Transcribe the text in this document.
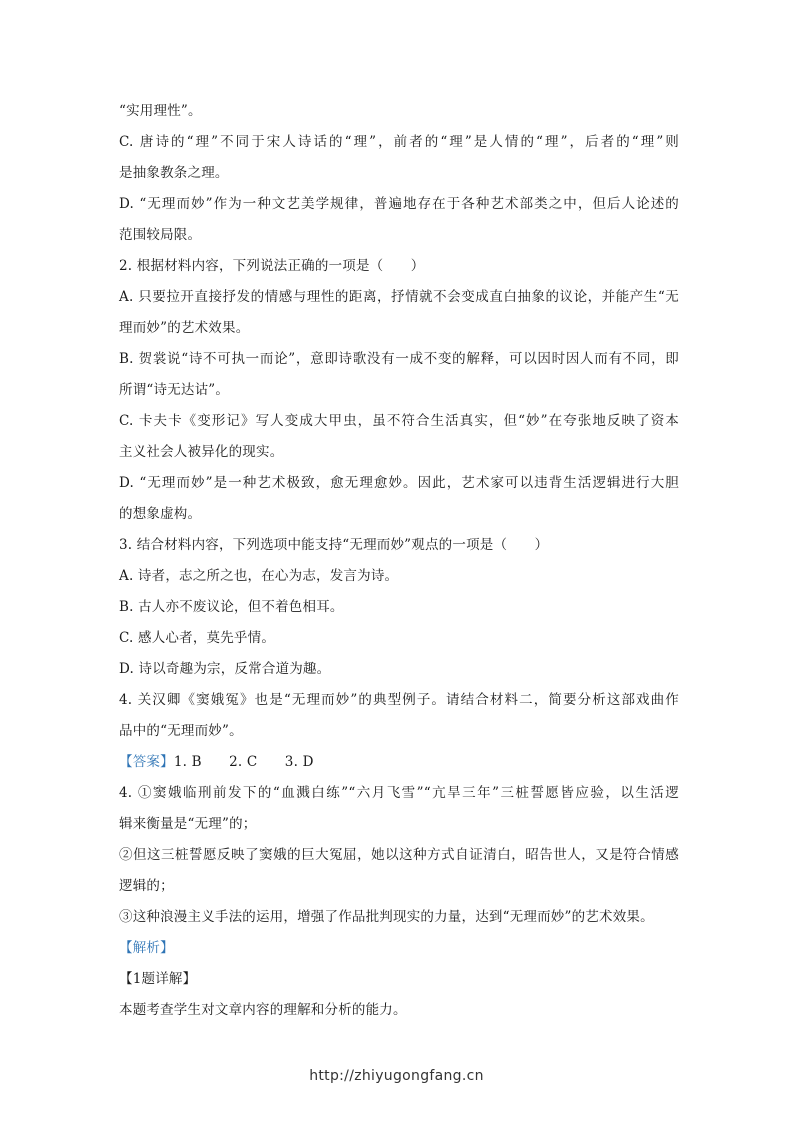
“实用理性”。
C. 唐诗的“理”不同于宋人诗话的“理”，前者的“理”是人情的“理”，后者的“理”则
是抽象教条之理。
D. “无理而妙”作为一种文艺美学规律，普遍地存在于各种艺术部类之中，但后人论述的
范围较局限。
2. 根据材料内容，下列说法正确的一项是（　　）
A. 只要拉开直接抒发的情感与理性的距离，抒情就不会变成直白抽象的议论，并能产生“无
理而妙”的艺术效果。
B. 贺裳说“诗不可执一而论”，意即诗歌没有一成不变的解释，可以因时因人而有不同，即
所谓“诗无达诂”。
C. 卡夫卡《变形记》写人变成大甲虫，虽不符合生活真实，但“妙”在夸张地反映了资本
主义社会人被异化的现实。
D. “无理而妙”是一种艺术极致，愈无理愈妙。因此，艺术家可以违背生活逻辑进行大胆
的想象虚构。
3. 结合材料内容，下列选项中能支持“无理而妙”观点的一项是（　　）
A. 诗者，志之所之也，在心为志，发言为诗。
B. 古人亦不废议论，但不着色相耳。
C. 感人心者，莫先乎情。
D. 诗以奇趣为宗，反常合道为趣。
4. 关汉卿《窦娥冤》也是“无理而妙”的典型例子。请结合材料二，简要分析这部戏曲作
品中的“无理而妙”。
【答案】1. B　　2. C　　3. D
4. ①窦娥临刑前发下的“血溅白练”“六月飞雪”“亢旱三年”三桩誓愿皆应验，以生活逻
辑来衡量是“无理”的；
②但这三桩誓愿反映了窦娥的巨大冤屈，她以这种方式自证清白，昭告世人，又是符合情感
逻辑的；
③这种浪漫主义手法的运用，增强了作品批判现实的力量，达到“无理而妙”的艺术效果。
【解析】
【1题详解】
本题考查学生对文章内容的理解和分析的能力。
http://zhiyugongfang.cn
